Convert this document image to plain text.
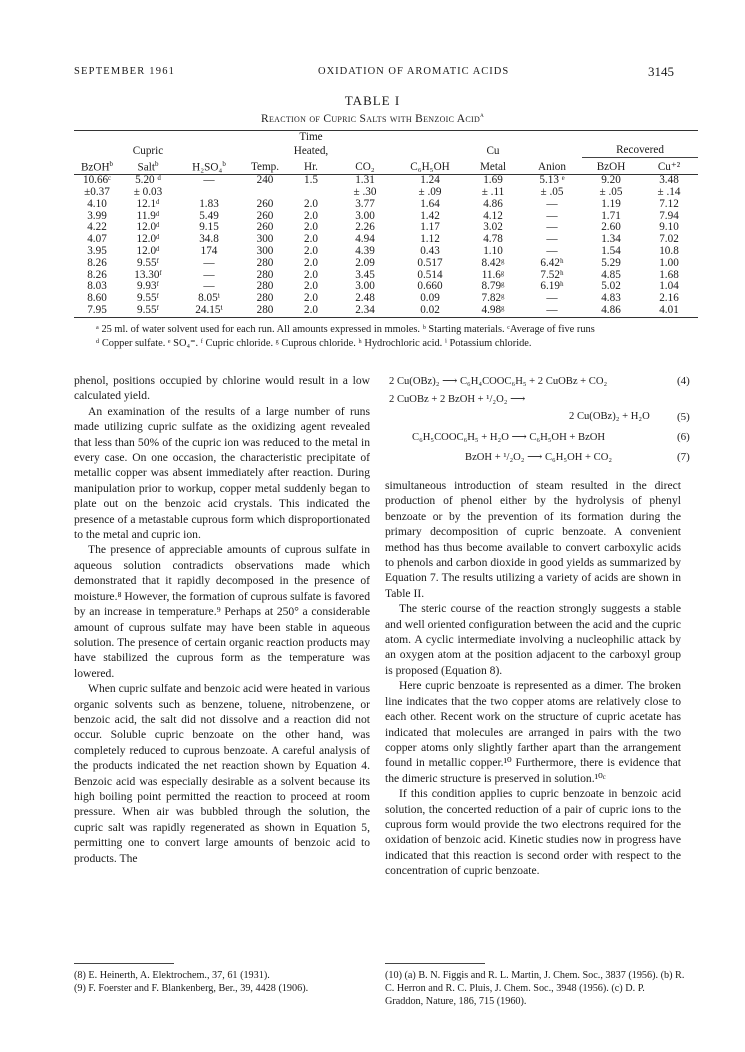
SEPTEMBER 1961	OXIDATION OF AROMATIC ACIDS	3145
TABLE I
Reaction of Cupric Salts with Benzoic Acid$^a$
				Time						
	Cupric			Heated,			Cu		Recovered	
BzOH$^b$	Salt$^b$	H₂SO₄$^b$	Temp.	Hr.	CO₂	C₆H₅OH	Metal	Anion	BzOH	Cu⁺²
10.66ᶜ	5.20 ᵈ	—	240	1.5	1.31	1.24	1.69	5.13 ᵉ	9.20	3.48
±0.37	± 0.03				± .30	± .09	± .11	± .05	± .05	± .14
4.10	12.1ᵈ	1.83	260	2.0	3.77	1.64	4.86	—	1.19	7.12
3.99	11.9ᵈ	5.49	260	2.0	3.00	1.42	4.12	—	1.71	7.94
4.22	12.0ᵈ	9.15	260	2.0	2.26	1.17	3.02	—	2.60	9.10
4.07	12.0ᵈ	34.8	300	2.0	4.94	1.12	4.78	—	1.34	7.02
3.95	12.0ᵈ	174	300	2.0	4.39	0.43	1.10	—	1.54	10.8
8.26	9.55ᶠ	—	280	2.0	2.09	0.517	8.42ᵍ	6.42ʰ	5.29	1.00
8.26	13.30ᶠ	—	280	2.0	3.45	0.514	11.6ᵍ	7.52ʰ	4.85	1.68
8.03	9.93ᶠ	—	280	2.0	3.00	0.660	8.79ᵍ	6.19ʰ	5.02	1.04
8.60	9.55ᶠ	8.05ⁱ	280	2.0	2.48	0.09	7.82ᵍ	—	4.83	2.16
7.95	9.55ᶠ	24.15ⁱ	280	2.0	2.34	0.02	4.98ᵍ	—	4.86	4.01
ᵃ 25 ml. of water solvent used for each run. All amounts expressed in mmoles. ᵇ Starting materials. ᶜAverage of five runs
ᵈ Copper sulfate. ᵉ SO₄⁼. ᶠ Cupric chloride. ᵍ Cuprous chloride. ʰ Hydrochloric acid. ⁱ Potassium chloride.

phenol, positions occupied by chlorine would result in a low calculated yield.

An examination of the results of a large number of runs made utilizing cupric sulfate as the oxidizing agent revealed that less than 50% of the cupric ion was reduced to the metal in every case. On one occasion, the characteristic precipitate of metallic copper was absent immediately after reaction. During manipulation prior to workup, copper metal suddenly began to plate out on the benzoic acid crystals. This indicated the presence of a metastable cuprous form which disproportionated to the metal and cupric ion.

The presence of appreciable amounts of cuprous sulfate in aqueous solution contradicts observations made which demonstrated that it rapidly decomposed in the presence of moisture.⁸ However, the formation of cuprous sulfate is favored by an increase in temperature.⁹ Perhaps at 250° a considerable amount of cuprous sulfate may have been stable in aqueous solution. The presence of certain organic reaction products may have stabilized the cuprous form as the temperature was lowered.

When cupric sulfate and benzoic acid were heated in various organic solvents such as benzene, toluene, nitrobenzene, or benzoic acid, the salt did not dissolve and a reaction did not occur. Soluble cupric benzoate on the other hand, was completely reduced to cuprous benzoate. A careful analysis of the products indicated the net reaction shown by Equation 4. Benzoic acid was especially desirable as a solvent because its high boiling point permitted the reaction to proceed at room pressure. When air was bubbled through the solution, the cupric salt was rapidly regenerated as shown in Equation 5, permitting one to convert large amounts of benzoic acid to products. The

2 Cu(OBz)₂ ⟶ C₆H₄COOC₆H₅ + 2 CuOBz + CO₂	(4)
2 CuOBz + 2 BzOH + ¹/₂O₂ ⟶
2 Cu(OBz)₂ + H₂O (5)
C₆H₅COOC₆H₅ + H₂O ⟶ C₆H₅OH + BzOH	(6)
BzOH + ¹/₂O₂ ⟶ C₆H₅OH + CO₂	(7)

simultaneous introduction of steam resulted in the direct production of phenol either by the hydrolysis of phenyl benzoate or by the prevention of its formation during the primary decomposition of cupric benzoate. A convenient method has thus become available to convert carboxylic acids to phenols and carbon dioxide in good yields as summarized by Equation 7. The results utilizing a variety of acids are shown in Table II.

The steric course of the reaction strongly suggests a stable and well oriented configuration between the acid and the cupric atom. A cyclic intermediate involving a nucleophilic attack by an oxygen atom at the position adjacent to the carboxyl group is proposed (Equation 8).

Here cupric benzoate is represented as a dimer. The broken line indicates that the two copper atoms are relatively close to each other. Recent work on the structure of cupric acetate has indicated that molecules are arranged in pairs with the two copper atoms only slightly farther apart than the arrangement found in metallic copper.¹⁰ Furthermore, there is evidence that the dimeric structure is preserved in solution.¹⁰ᶜ

If this condition applies to cupric benzoate in benzoic acid solution, the concerted reduction of a pair of cupric ions to the cuprous form would provide the two electrons required for the oxidation of benzoic acid. Kinetic studies now in progress have indicated that this reaction is second order with respect to the concentration of cupric benzoate.

(8) E. Heinerth, A. Elektrochem., 37, 61 (1931).
(9) F. Foerster and F. Blankenberg, Ber., 39, 4428 (1906).
(10) (a) B. N. Figgis and R. L. Martin, J. Chem. Soc., 3837 (1956). (b) R. C. Herron and R. C. Pluis, J. Chem. Soc., 3948 (1956). (c) D. P. Graddon, Nature, 186, 715 (1960).
